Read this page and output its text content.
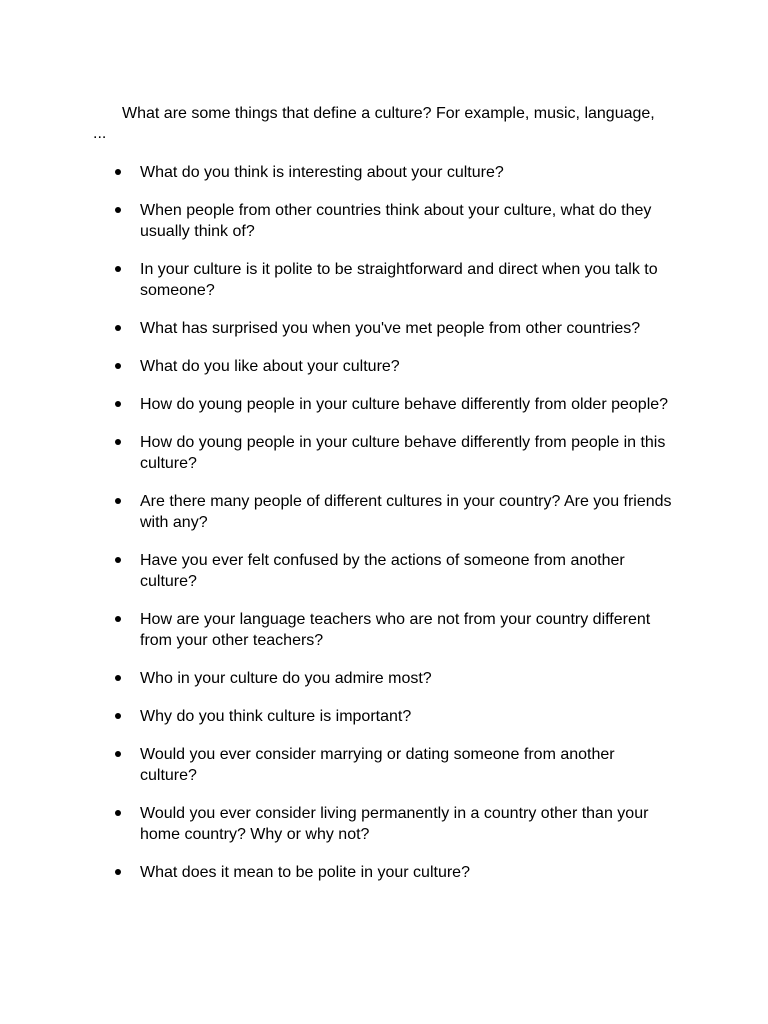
What are some things that define a culture? For example, music, language, ...

What do you think is interesting about your culture?
When people from other countries think about your culture, what do they usually think of?
In your culture is it polite to be straightforward and direct when you talk to someone?
What has surprised you when you've met people from other countries?
What do you like about your culture?
How do young people in your culture behave differently from older people?
How do young people in your culture behave differently from people in this culture?
Are there many people of different cultures in your country? Are you friends with any?
Have you ever felt confused by the actions of someone from another culture?
How are your language teachers who are not from your country different from your other teachers?
Who in your culture do you admire most?
Why do you think culture is important?
Would you ever consider marrying or dating someone from another culture?
Would you ever consider living permanently in a country other than your home country? Why or why not?
What does it mean to be polite in your culture?
